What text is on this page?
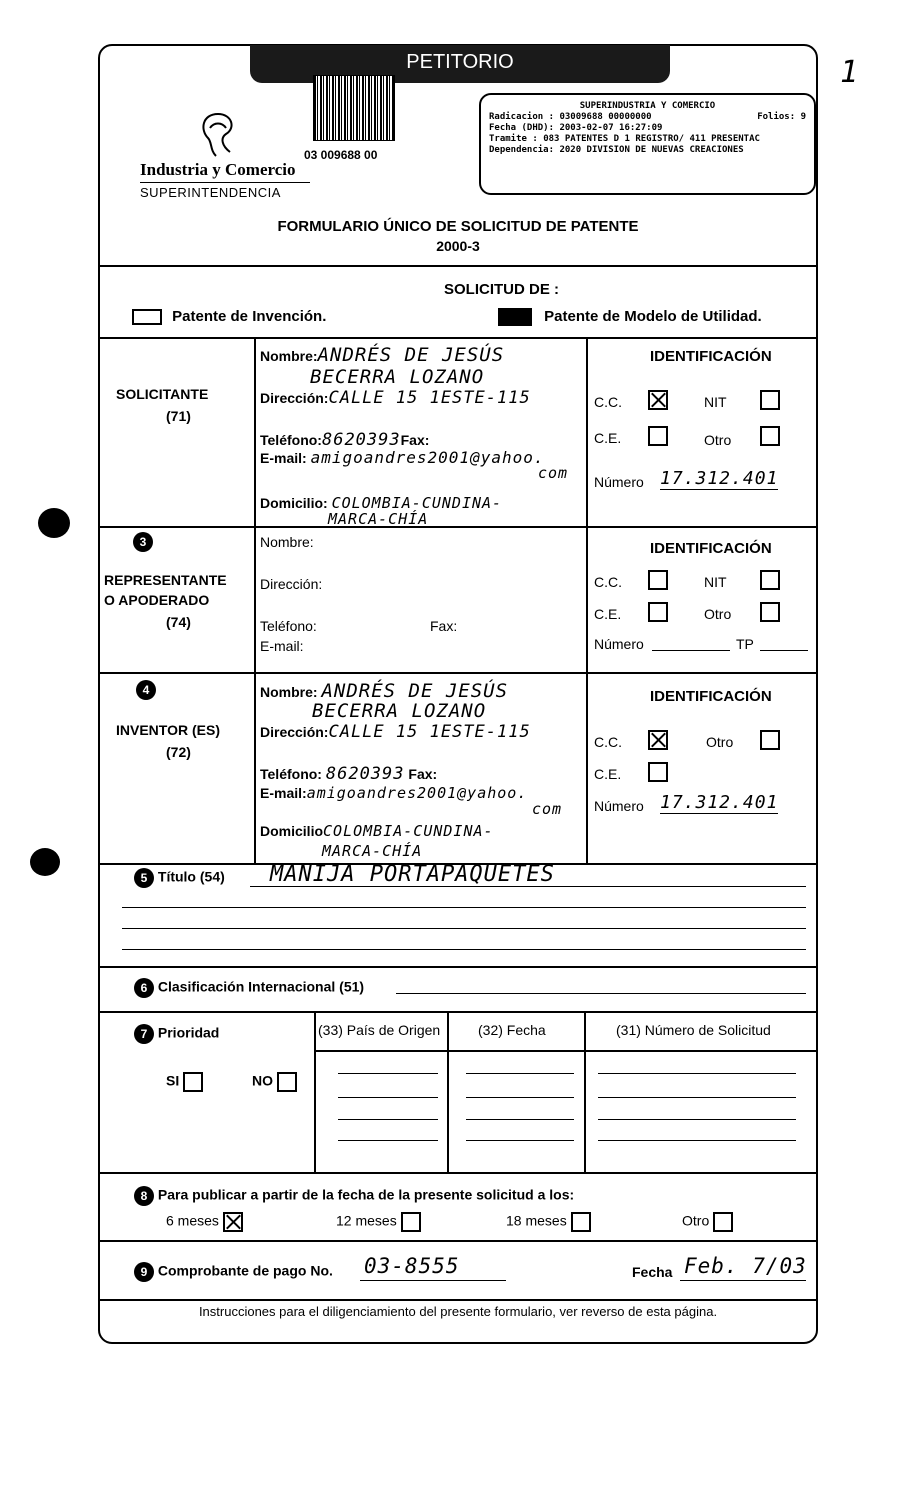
1
PETITORIO
03 009688 00
Industria y Comercio
SUPERINTENDENCIA
SUPERINDUSTRIA Y COMERCIO
Radicacion : 03009688 00000000	Folios: 9
Fecha (DHD): 2003-02-07 16:27:09
Tramite : 083 PATENTES D 1 REGISTRO/ 411 PRESENTAC
Dependencia: 2020 DIVISION DE NUEVAS CREACIONES
FORMULARIO ÚNICO DE SOLICITUD DE PATENTE
2000-3
SOLICITUD DE :
Patente de Invención.	Patente de Modelo de Utilidad.
SOLICITANTE
(71)
Nombre:ANDRÉS DE JESÚS
BECERRA LOZANO
Dirección:CALLE 15 1ESTE-115
Teléfono:8620393Fax:
E-mail: amigoandres2001@yahoo.
com
Domicilio: COLOMBIA-CUNDINA-
MARCA-CHÍA
IDENTIFICACIÓN
C.C.	NIT
C.E.	Otro
Número 17.312.401
3
REPRESENTANTE
O APODERADO
(74)
Nombre:
Dirección:
Teléfono:	Fax:
E-mail:
IDENTIFICACIÓN
C.C.	NIT
C.E.	Otro
Número	TP
4
INVENTOR (ES)
(72)
Nombre: ANDRÉS DE JESÚS
BECERRA LOZANO
Dirección:CALLE 15 1ESTE-115
Teléfono: 8620393 Fax:
E-mail:amigoandres2001@yahoo.
com
DomicilioCOLOMBIA-CUNDINA-
MARCA-CHÍA
IDENTIFICACIÓN
C.C.	Otro
C.E.
Número 17.312.401
5 Título (54) MANIJA PORTAPAQUETES
6 Clasificación Internacional (51)
7 Prioridad
SI	NO
(33) País de Origen	(32) Fecha	(31) Número de Solicitud
8 Para publicar a partir de la fecha de la presente solicitud a los:
6 meses	12 meses	18 meses	Otro
9 Comprobante de pago No. 03-8555	Fecha Feb. 7/03
Instrucciones para el diligenciamiento del presente formulario, ver reverso de esta página.
